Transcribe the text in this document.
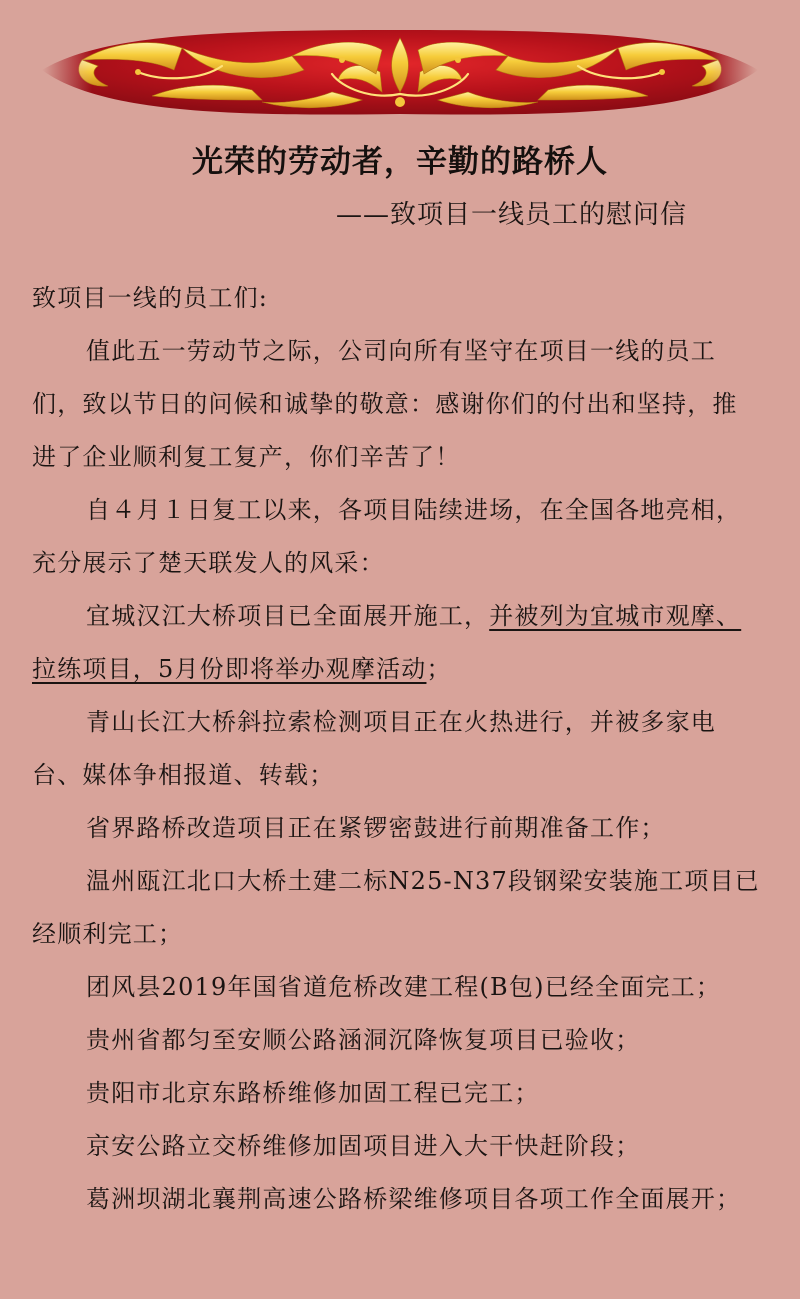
光荣的劳动者，辛勤的路桥人
——致项目一线员工的慰问信

致项目一线的员工们:

值此五一劳动节之际，公司向所有坚守在项目一线的员工们，致以节日的问候和诚挚的敬意：感谢你们的付出和坚持，推进了企业顺利复工复产，你们辛苦了！

自４月１日复工以来，各项目陆续进场，在全国各地亮相，充分展示了楚天联发人的风采：

宜城汉江大桥项目已全面展开施工，并被列为宜城市观摩、拉练项目，5月份即将举办观摩活动；

青山长江大桥斜拉索检测项目正在火热进行，并被多家电台、媒体争相报道、转载；

省界路桥改造项目正在紧锣密鼓进行前期准备工作；

温州瓯江北口大桥土建二标N25-N37段钢梁安装施工项目已经顺利完工；

团风县2019年国省道危桥改建工程(B包)已经全面完工；

贵州省都匀至安顺公路涵洞沉降恢复项目已验收；

贵阳市北京东路桥维修加固工程已完工；

京安公路立交桥维修加固项目进入大干快赶阶段；

葛洲坝湖北襄荆高速公路桥梁维修项目各项工作全面展开；
